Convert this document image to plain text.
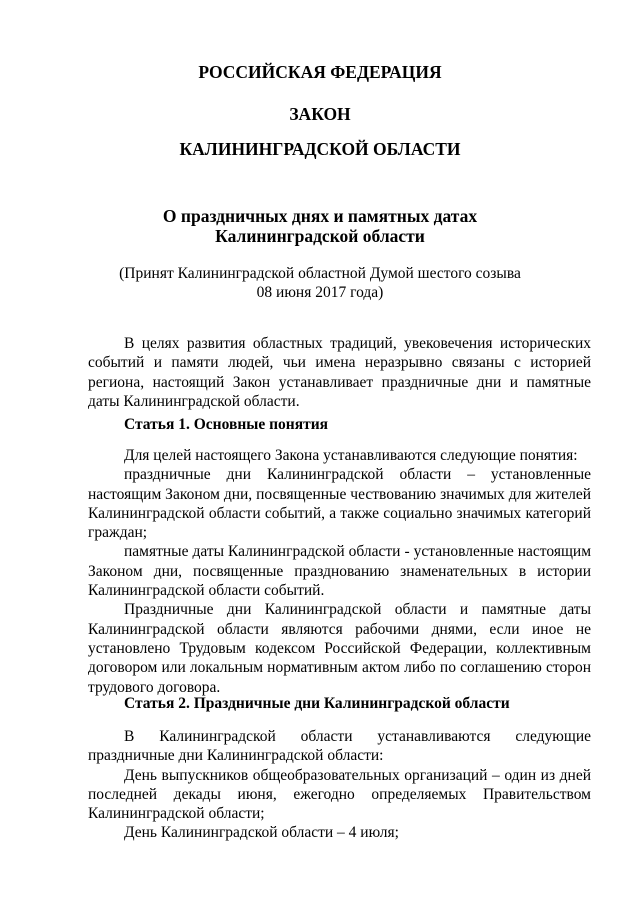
РОССИЙСКАЯ ФЕДЕРАЦИЯ
ЗАКОН
КАЛИНИНГРАДСКОЙ ОБЛАСТИ
О праздничных днях и памятных датах
Калининградской области
(Принят Калининградской областной Думой шестого созыва
08 июня 2017 года)

В целях развития областных традиций, увековечения исторических событий и памяти людей, чьи имена неразрывно связаны с историей региона, настоящий Закон устанавливает праздничные дни и памятные даты Калининградской области.

Статья 1. Основные понятия

Для целей настоящего Закона устанавливаются следующие понятия:

праздничные дни Калининградской области – установленные настоящим Законом дни, посвященные чествованию значимых для жителей Калининградской области событий, а также социально значимых категорий граждан;

памятные даты Калининградской области - установленные настоящим Законом дни, посвященные празднованию знаменательных в истории Калининградской области событий.

Праздничные дни Калининградской области и памятные даты Калининградской области являются рабочими днями, если иное не установлено Трудовым кодексом Российской Федерации, коллективным договором или локальным нормативным актом либо по соглашению сторон трудового договора.

Статья 2. Праздничные дни Калининградской области

В Калининградской области устанавливаются следующие праздничные дни Калининградской области:

День выпускников общеобразовательных организаций – один из дней последней декады июня, ежегодно определяемых Правительством Калининградской области;

День Калининградской области – 4 июля;
